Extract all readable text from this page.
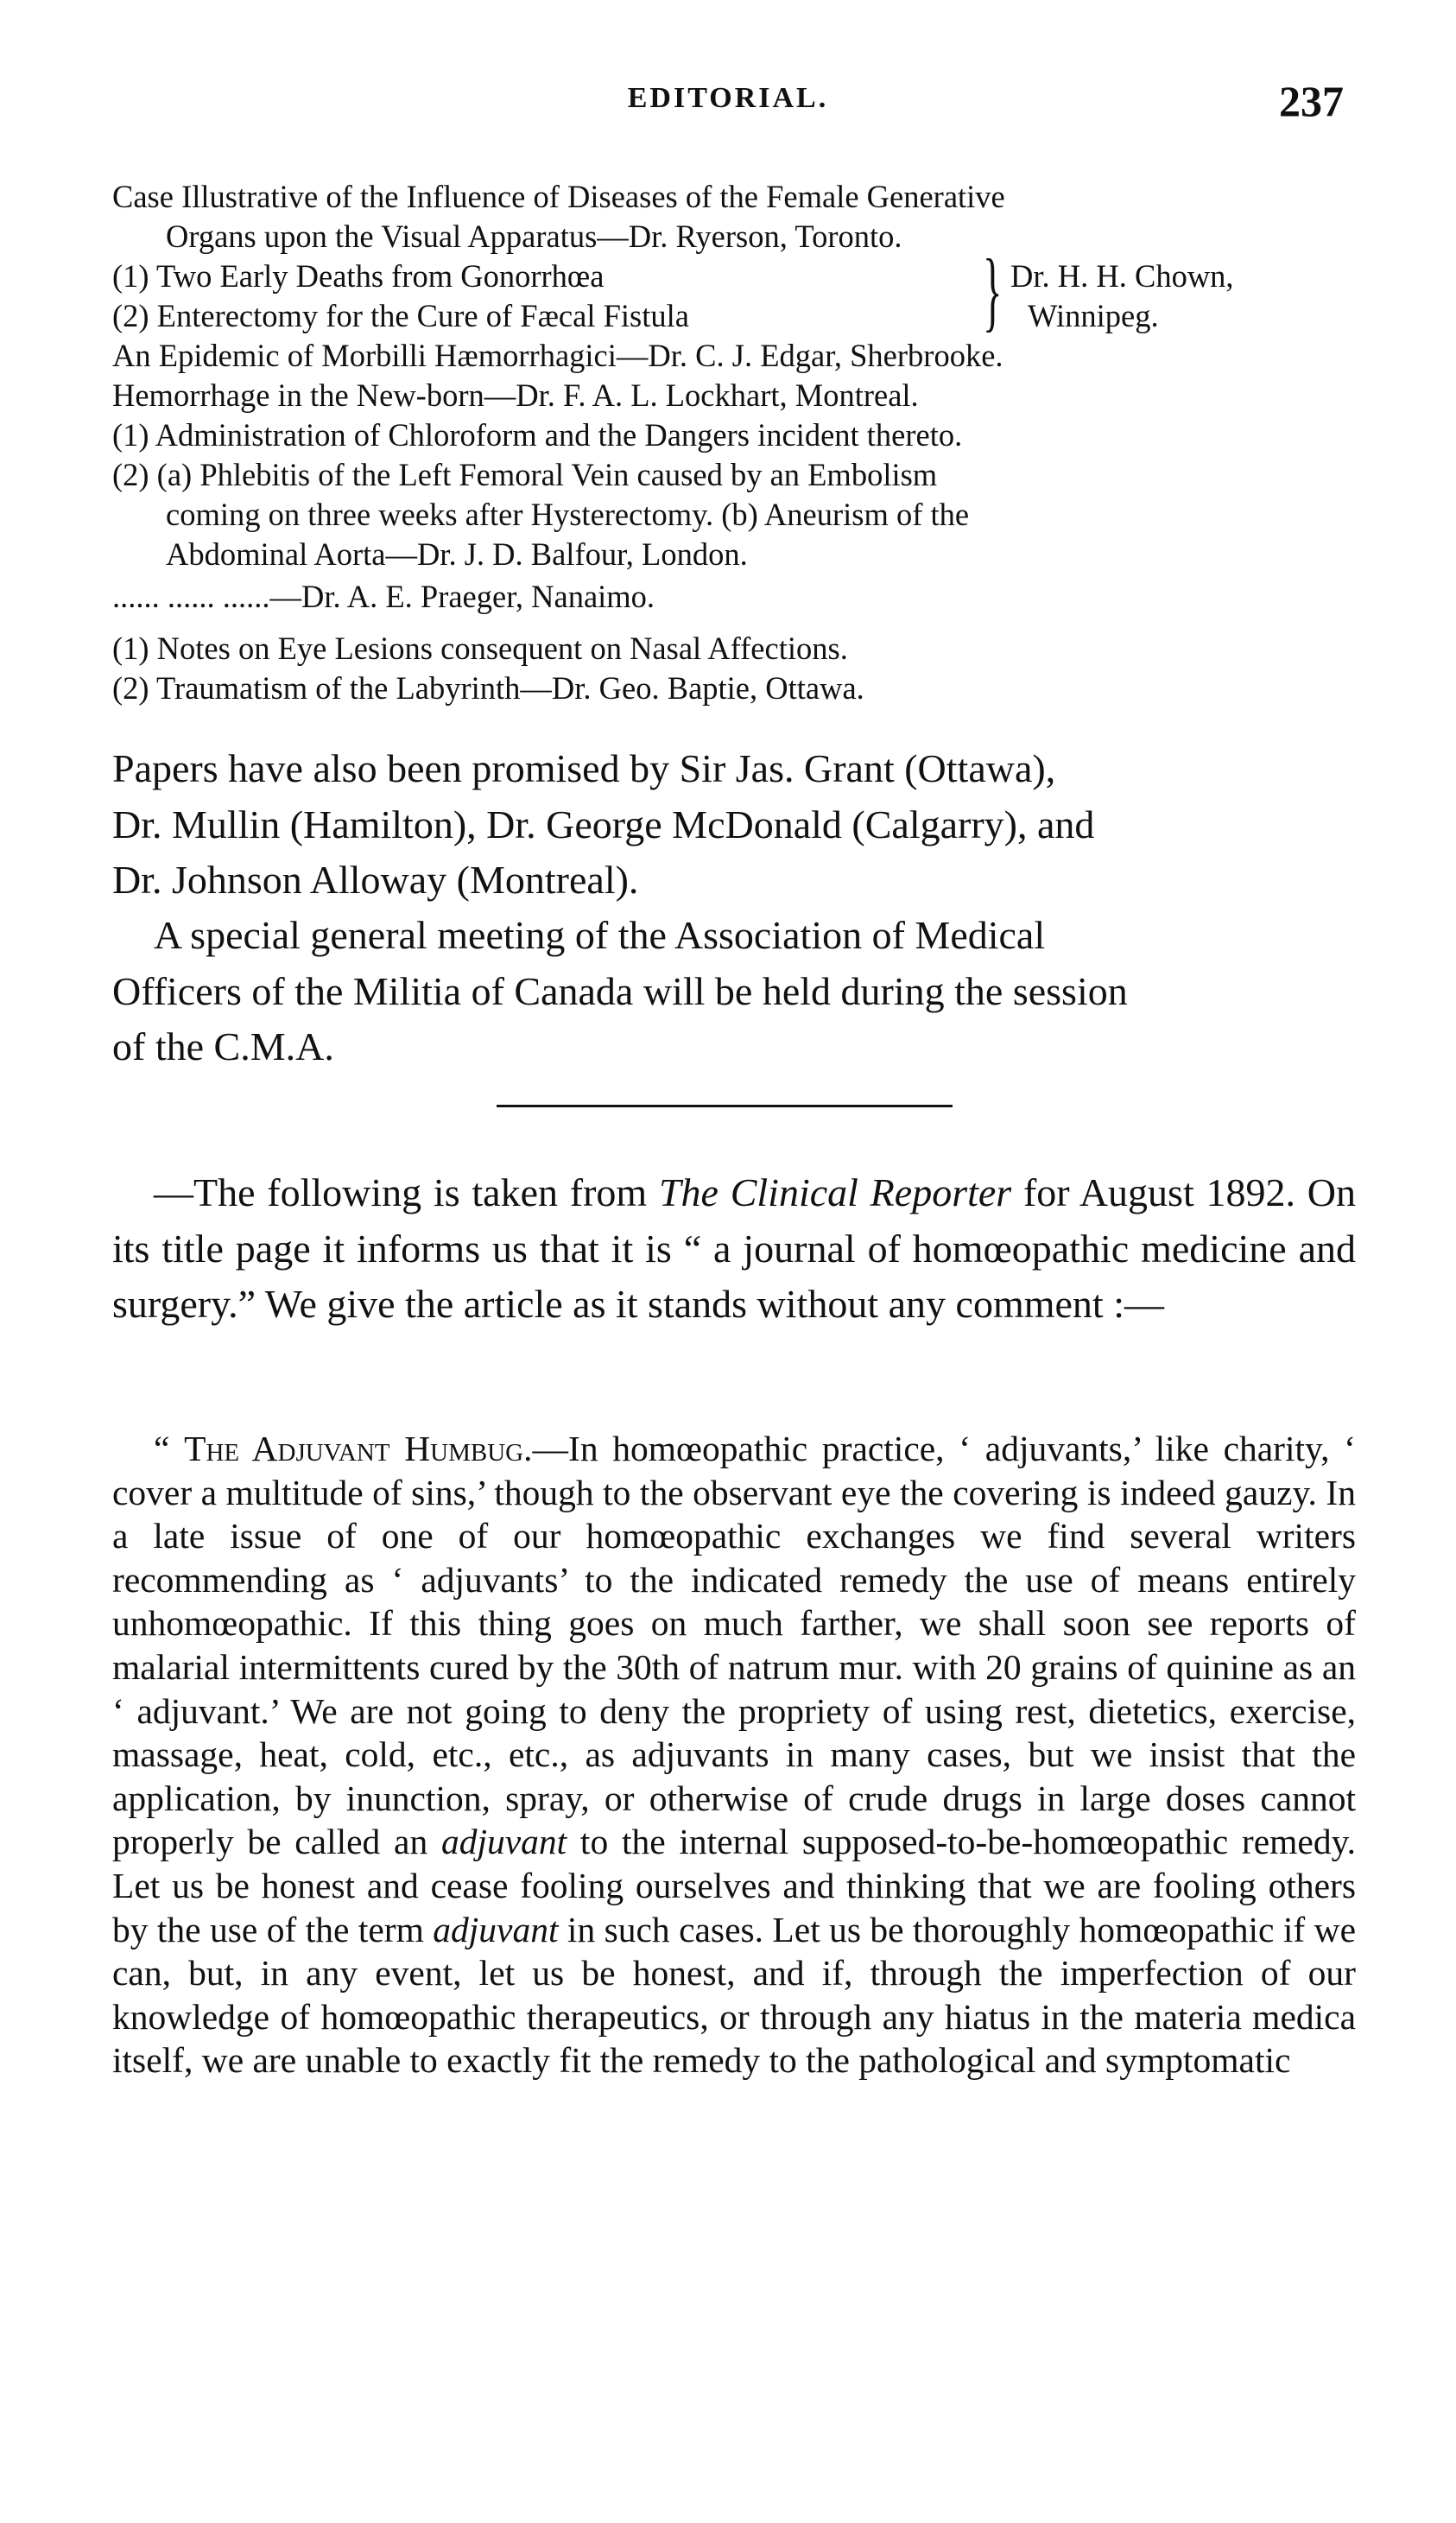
EDITORIAL.	237
Case Illustrative of the Influence of Diseases of the Female Generative
Organs upon the Visual Apparatus—Dr. Ryerson, Toronto.
(1) Two Early Deaths from Gonorrhœa
(2) Enterectomy for the Cure of Fæcal Fistula	} Dr. H. H. Chown,
Winnipeg.
An Epidemic of Morbilli Hæmorrhagici—Dr. C. J. Edgar, Sherbrooke.
Hemorrhage in the New-born—Dr. F. A. L. Lockhart, Montreal.
(1) Administration of Chloroform and the Dangers incident thereto.
(2) (a) Phlebitis of the Left Femoral Vein caused by an Embolism
coming on three weeks after Hysterectomy. (b) Aneurism of the
Abdominal Aorta—Dr. J. D. Balfour, London.
...... ...... ......—Dr. A. E. Praeger, Nanaimo.
(1) Notes on Eye Lesions consequent on Nasal Affections.
(2) Traumatism of the Labyrinth—Dr. Geo. Baptie, Ottawa.
Papers have also been promised by Sir Jas. Grant (Ottawa),
Dr. Mullin (Hamilton), Dr. George McDonald (Calgarry), and
Dr. Johnson Alloway (Montreal).
A special general meeting of the Association of Medical
Officers of the Militia of Canada will be held during the session
of the C.M.A.

—The following is taken from The Clinical Reporter for August 1892. On its title page it informs us that it is “ a journal of homœopathic medicine and surgery.” We give the article as it stands without any comment :—

“ The Adjuvant Humbug.—In homœopathic practice, ‘ adjuvants,’ like charity, ‘ cover a multitude of sins,’ though to the observant eye the covering is indeed gauzy. In a late issue of one of our homœopathic exchanges we find several writers recommending as ‘ adjuvants’ to the indicated remedy the use of means entirely unhomœopathic. If this thing goes on much farther, we shall soon see reports of malarial intermittents cured by the 30th of natrum mur. with 20 grains of quinine as an ‘ adjuvant.’ We are not going to deny the propriety of using rest, dietetics, exercise, massage, heat, cold, etc., etc., as adjuvants in many cases, but we insist that the application, by inunction, spray, or otherwise of crude drugs in large doses cannot properly be called an adjuvant to the internal supposed-to-be-homœopathic remedy. Let us be honest and cease fooling ourselves and thinking that we are fooling others by the use of the term adjuvant in such cases. Let us be thoroughly homœopathic if we can, but, in any event, let us be honest, and if, through the imperfection of our knowledge of homœopathic therapeutics, or through any hiatus in the materia medica itself, we are unable to exactly fit the remedy to the pathological and symptomatic
